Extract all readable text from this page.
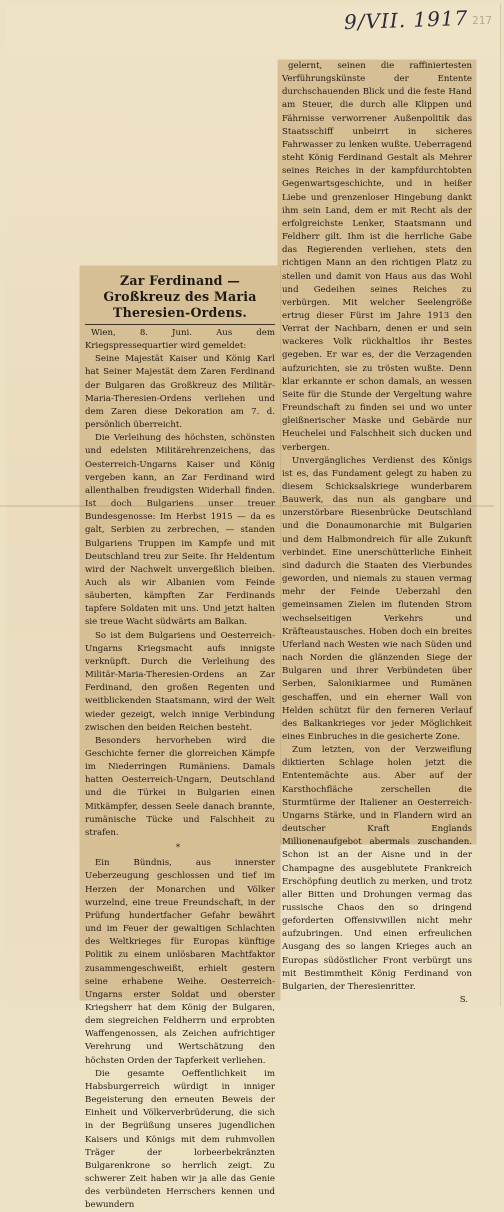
217
9/VII. 1917

gelernt, seinen die raffiniertesten Verführungskünste der Entente durchschauenden Blick und die feste Hand am Steuer, die durch alle Klippen und Fährnisse verworrener Außenpolitik das Staatsschiff unbeirrt in sicheres Fahrwasser zu lenken wußte. Ueberragend steht König Ferdinand Gestalt als Mehrer seines Reiches in der kampfdurchtobten Gegenwartsgeschichte, und in heißer Liebe und grenzenloser Hingebung dankt ihm sein Land, dem er mit Recht als der erfolgreichste Lenker, Staatsmann und Feldherr gilt. Ihm ist die herrliche Gabe das Regierenden verliehen, stets den richtigen Mann an den richtigen Platz zu stellen und damit von Haus aus das Wohl und Gedeihen seines Reiches zu verbürgen. Mit welcher Seelengröße ertrug dieser Fürst im Jahre 1913 den Verrat der Nachbarn, denen er und sein wackeres Volk rückhaltlos ihr Bestes gegeben. Er war es, der die Verzagenden aufzurichten, sie zu trösten wußte. Denn klar erkannte er schon damals, an wessen Seite für die Stunde der Vergeltung wahre Freundschaft zu finden sei und wo unter gleißnerischer Maske und Gebärde nur Heuchelei und Falschheit sich ducken und verbergen.

Unvergängliches Verdienst des Königs ist es, das Fundament gelegt zu haben zu diesem Schicksalskriege wunderbarem Bauwerk, das nun als gangbare und unzerstörbare Riesenbrücke Deutschland und die Donaumonarchie mit Bulgarien und dem Halbmondreich für alle Zukunft verbindet. Eine unerschütterliche Einheit sind dadurch die Staaten des Vierbundes geworden, und niemals zu stauen vermag mehr der Feinde Ueberzahl den gemeinsamen Zielen im flutenden Strom wechselseitigen Verkehrs und Kräfteaustausches. Hoben doch ein breites Uferland nach Westen wie nach Süden und nach Norden die glänzenden Siege der Bulgaren und ihrer Verbündeten über Serben, Salonikiarmee und Rumänen geschaffen, und ein eherner Wall von Helden schützt für den ferneren Verlauf des Balkankrieges vor jeder Möglichkeit eines Einbruches in die gesicherte Zone.

Zum letzten, von der Verzweiflung diktierten Schlage holen jetzt die Ententemächte aus. Aber auf der Karsthochfläche zerschellen die Sturmtürme der Italiener an Oesterreich-Ungarns Stärke, und in Flandern wird an deutscher Kraft Englands Millionenaufgebot abermals zuschanden. Schon ist an der Aisne und in der Champagne des ausgeblutete Frankreich Erschöpfung deutlich zu merken, und trotz aller Bitten und Drohungen vermag das russische Chaos den so dringend geforderten Offensivwillen nicht mehr aufzubringen. Und einen erfreulichen Ausgang des so langen Krieges auch an Europas südöstlicher Front verbürgt uns mit Bestimmtheit König Ferdinand von Bulgarien, der Theresienritter.

S.
Zar Ferdinand — Großkreuz des Maria Theresien-Ordens.

Wien, 8. Juni. Aus dem Kriegspressequartier wird gemeldet:

Seine Majestät Kaiser und König Karl hat Seiner Majestät dem Zaren Ferdinand der Bulgaren das Großkreuz des Militär-Maria-Theresien-Ordens verliehen und dem Zaren diese Dekoration am 7. d. persönlich überreicht.

Die Verleihung des höchsten, schönsten und edelsten Militärehrenzeichens, das Oesterreich-Ungarns Kaiser und König vergeben kann, an Zar Ferdinand wird allenthalben freudigsten Widerhall finden. Ist doch Bulgariens unser treuer Bundesgenosse: Im Herbst 1915 — da es galt, Serbien zu zerbrechen, — standen Bulgariens Truppen im Kampfe und mit Deutschland treu zur Seite. Ihr Heldentum wird der Nachwelt unvergeßlich bleiben. Auch als wir Albanien vom Feinde säuberten, kämpften Zar Ferdinands tapfere Soldaten mit uns. Und jetzt halten sie treue Wacht südwärts am Balkan.

So ist dem Bulgariens und Oesterreich-Ungarns Kriegsmacht aufs innigste verknüpft. Durch die Verleihung des Militär-Maria-Theresien-Ordens an Zar Ferdinand, den großen Regenten und weitblickenden Staatsmann, wird der Welt wieder gezeigt, welch innige Verbindung zwischen den beiden Reichen besteht.

Besonders hervorheben wird die Geschichte ferner die glorreichen Kämpfe im Niederringen Rumäniens. Damals hatten Oesterreich-Ungarn, Deutschland und die Türkei in Bulgarien einen Mitkämpfer, dessen Seele danach brannte, rumänische Tücke und Falschheit zu strafen.

*

Ein Bündnis, aus innerster Ueberzeugung geschlossen und tief im Herzen der Monarchen und Völker wurzelnd, eine treue Freundschaft, in der Prüfung hundertfacher Gefahr bewährt und im Feuer der gewaltigen Schlachten des Weltkrieges für Europas künftige Politik zu einem unlösbaren Machtfaktor zusammengeschweißt, erhielt gestern seine erhabene Weihe. Oesterreich-Ungarns erster Soldat und oberster Kriegsherr hat dem König der Bulgaren, dem siegreichen Feldherrn und erprobten Waffengenossen, als Zeichen aufrichtiger Verehrung und Wertschätzung den höchsten Orden der Tapferkeit verliehen.

Die gesamte Oeffentlichkeit im Habsburgerreich würdigt in inniger Begeisterung den erneuten Beweis der Einheit und Völkerverbrüderung, die sich in der Begrüßung unseres jugendlichen Kaisers und Königs mit dem ruhmvollen Träger der lorbeerbekränzten Bulgarenkrone so herrlich zeigt. Zu schwerer Zeit haben wir ja alle das Genie des verbündeten Herrschers kennen und bewundern
